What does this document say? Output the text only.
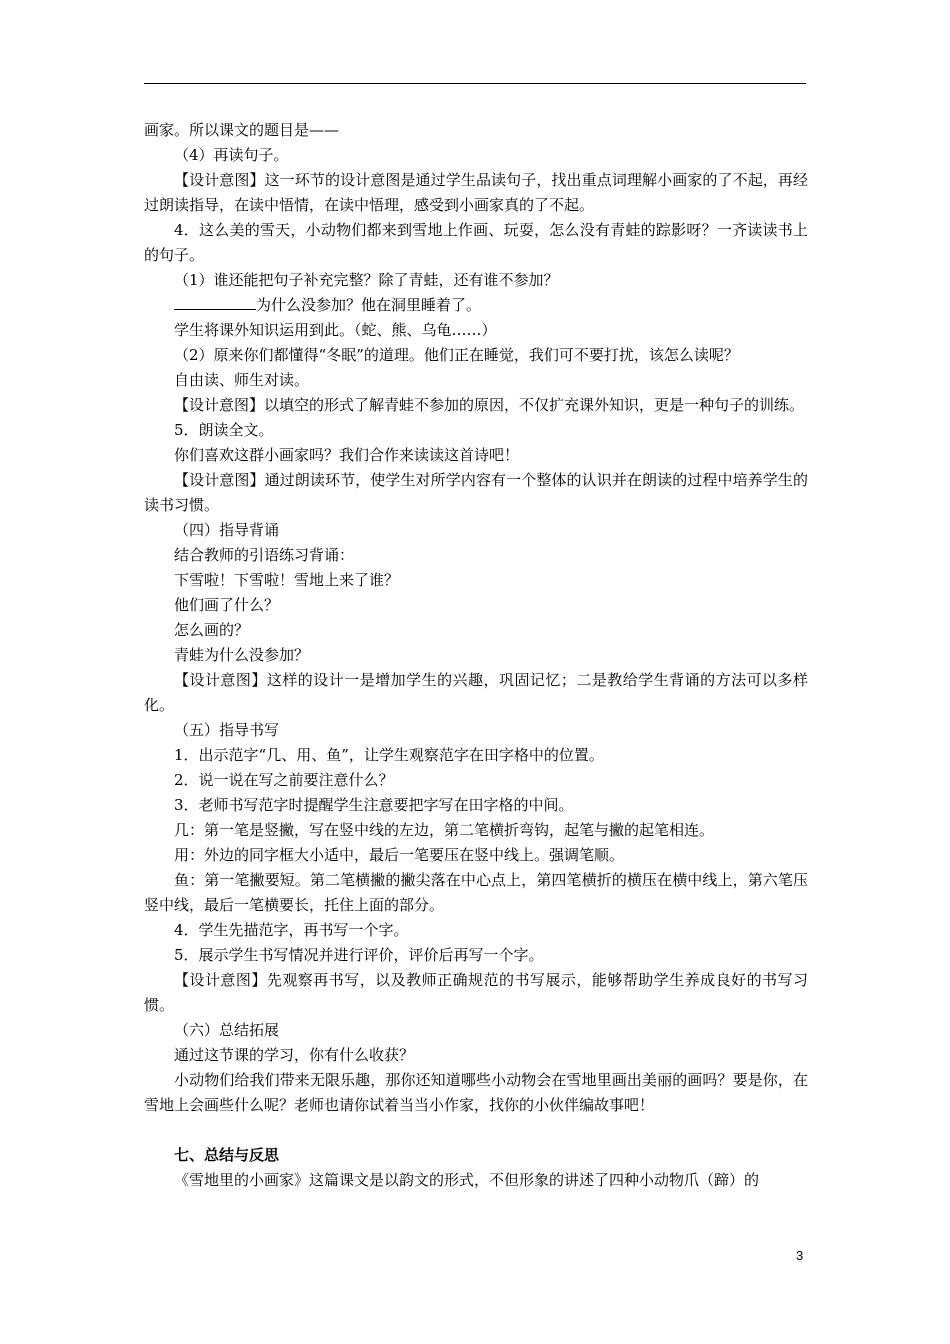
画家。所以课文的题目是——

（4）再读句子。

【设计意图】这一环节的设计意图是通过学生品读句子，找出重点词理解小画家的了不起，再经过朗读指导，在读中悟情，在读中悟理，感受到小画家真的了不起。

4．这么美的雪天，小动物们都来到雪地上作画、玩耍，怎么没有青蛙的踪影呀？一齐读读书上的句子。

（1）谁还能把句子补充完整？除了青蛙，还有谁不参加？

为什么没参加？他在洞里睡着了。

学生将课外知识运用到此。（蛇、熊、乌龟……）

（2）原来你们都懂得“冬眠”的道理。他们正在睡觉，我们可不要打扰，该怎么读呢？

自由读、师生对读。

【设计意图】以填空的形式了解青蛙不参加的原因，不仅扩充课外知识，更是一种句子的训练。

5．朗读全文。

你们喜欢这群小画家吗？我们合作来读读这首诗吧！

【设计意图】通过朗读环节，使学生对所学内容有一个整体的认识并在朗读的过程中培养学生的读书习惯。

（四）指导背诵

结合教师的引语练习背诵：

下雪啦！下雪啦！雪地上来了谁？

他们画了什么？

怎么画的？

青蛙为什么没参加？

【设计意图】这样的设计一是增加学生的兴趣，巩固记忆；二是教给学生背诵的方法可以多样化。

（五）指导书写

1．出示范字“几、用、鱼”，让学生观察范字在田字格中的位置。

2．说一说在写之前要注意什么？

3．老师书写范字时提醒学生注意要把字写在田字格的中间。

几：第一笔是竖撇，写在竖中线的左边，第二笔横折弯钩，起笔与撇的起笔相连。

用：外边的同字框大小适中，最后一笔要压在竖中线上。强调笔顺。

鱼：第一笔撇要短。第二笔横撇的撇尖落在中心点上，第四笔横折的横压在横中线上，第六笔压竖中线，最后一笔横要长，托住上面的部分。

4．学生先描范字，再书写一个字。

5．展示学生书写情况并进行评价，评价后再写一个字。

【设计意图】先观察再书写，以及教师正确规范的书写展示，能够帮助学生养成良好的书写习惯。

（六）总结拓展

通过这节课的学习，你有什么收获？

小动物们给我们带来无限乐趣，那你还知道哪些小动物会在雪地里画出美丽的画吗？要是你，在雪地上会画些什么呢？老师也请你试着当当小作家，找你的小伙伴编故事吧！

七、总结与反思

《雪地里的小画家》这篇课文是以韵文的形式，不但形象的讲述了四种小动物爪（蹄）的

3
